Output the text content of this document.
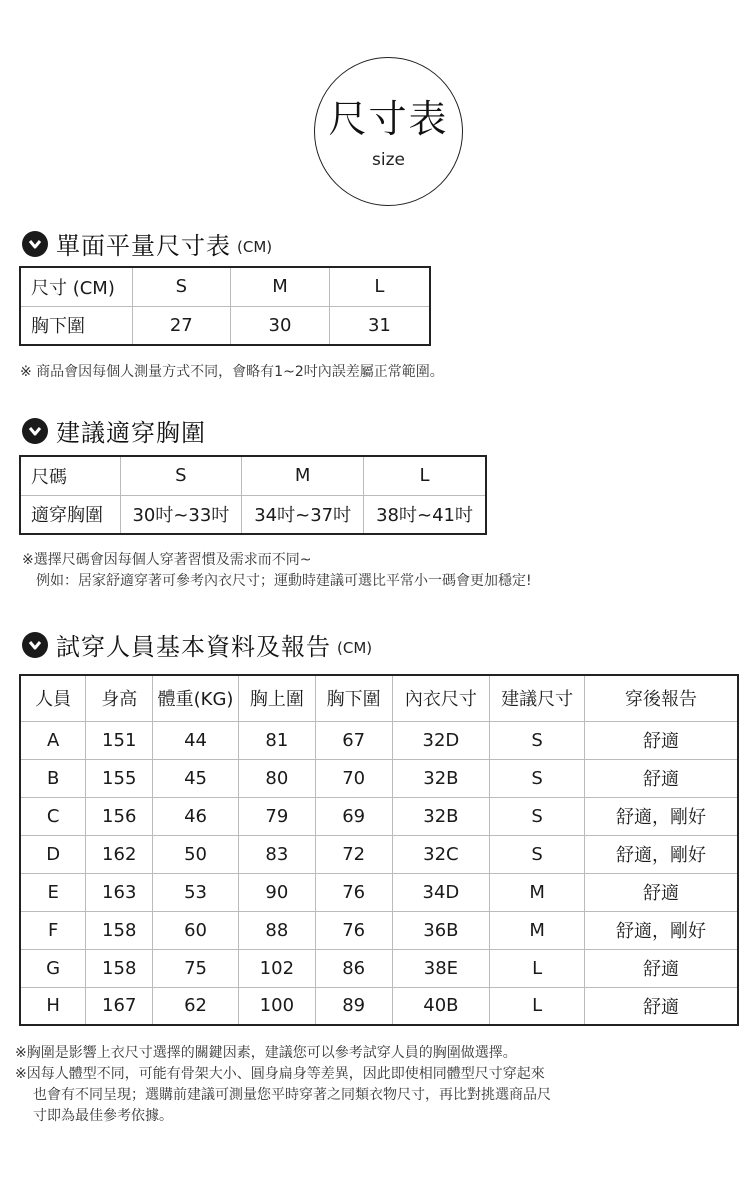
尺寸表
size
單面平量尺寸表 (CM)
尺寸 (CM)	S	M	L
胸下圍	27	30	31
※ 商品會因每個人測量方式不同，會略有1~2吋內誤差屬正常範圍。
建議適穿胸圍
尺碼	S	M	L
適穿胸圍	30吋~33吋	34吋~37吋	38吋~41吋
※選擇尺碼會因每個人穿著習慣及需求而不同~
例如：居家舒適穿著可參考內衣尺寸；運動時建議可選比平常小一碼會更加穩定!
試穿人員基本資料及報告 (CM)
人員	身高	體重(KG)	胸上圍	胸下圍	內衣尺寸	建議尺寸	穿後報告
A	151	44	81	67	32D	S	舒適
B	155	45	80	70	32B	S	舒適
C	156	46	79	69	32B	S	舒適，剛好
D	162	50	83	72	32C	S	舒適，剛好
E	163	53	90	76	34D	M	舒適
F	158	60	88	76	36B	M	舒適，剛好
G	158	75	102	86	38E	L	舒適
H	167	62	100	89	40B	L	舒適
※胸圍是影響上衣尺寸選擇的關鍵因素，建議您可以參考試穿人員的胸圍做選擇。
※因每人體型不同，可能有骨架大小、圓身扁身等差異，因此即使相同體型尺寸穿起來
也會有不同呈現；選購前建議可測量您平時穿著之同類衣物尺寸，再比對挑選商品尺
寸即為最佳參考依據。
